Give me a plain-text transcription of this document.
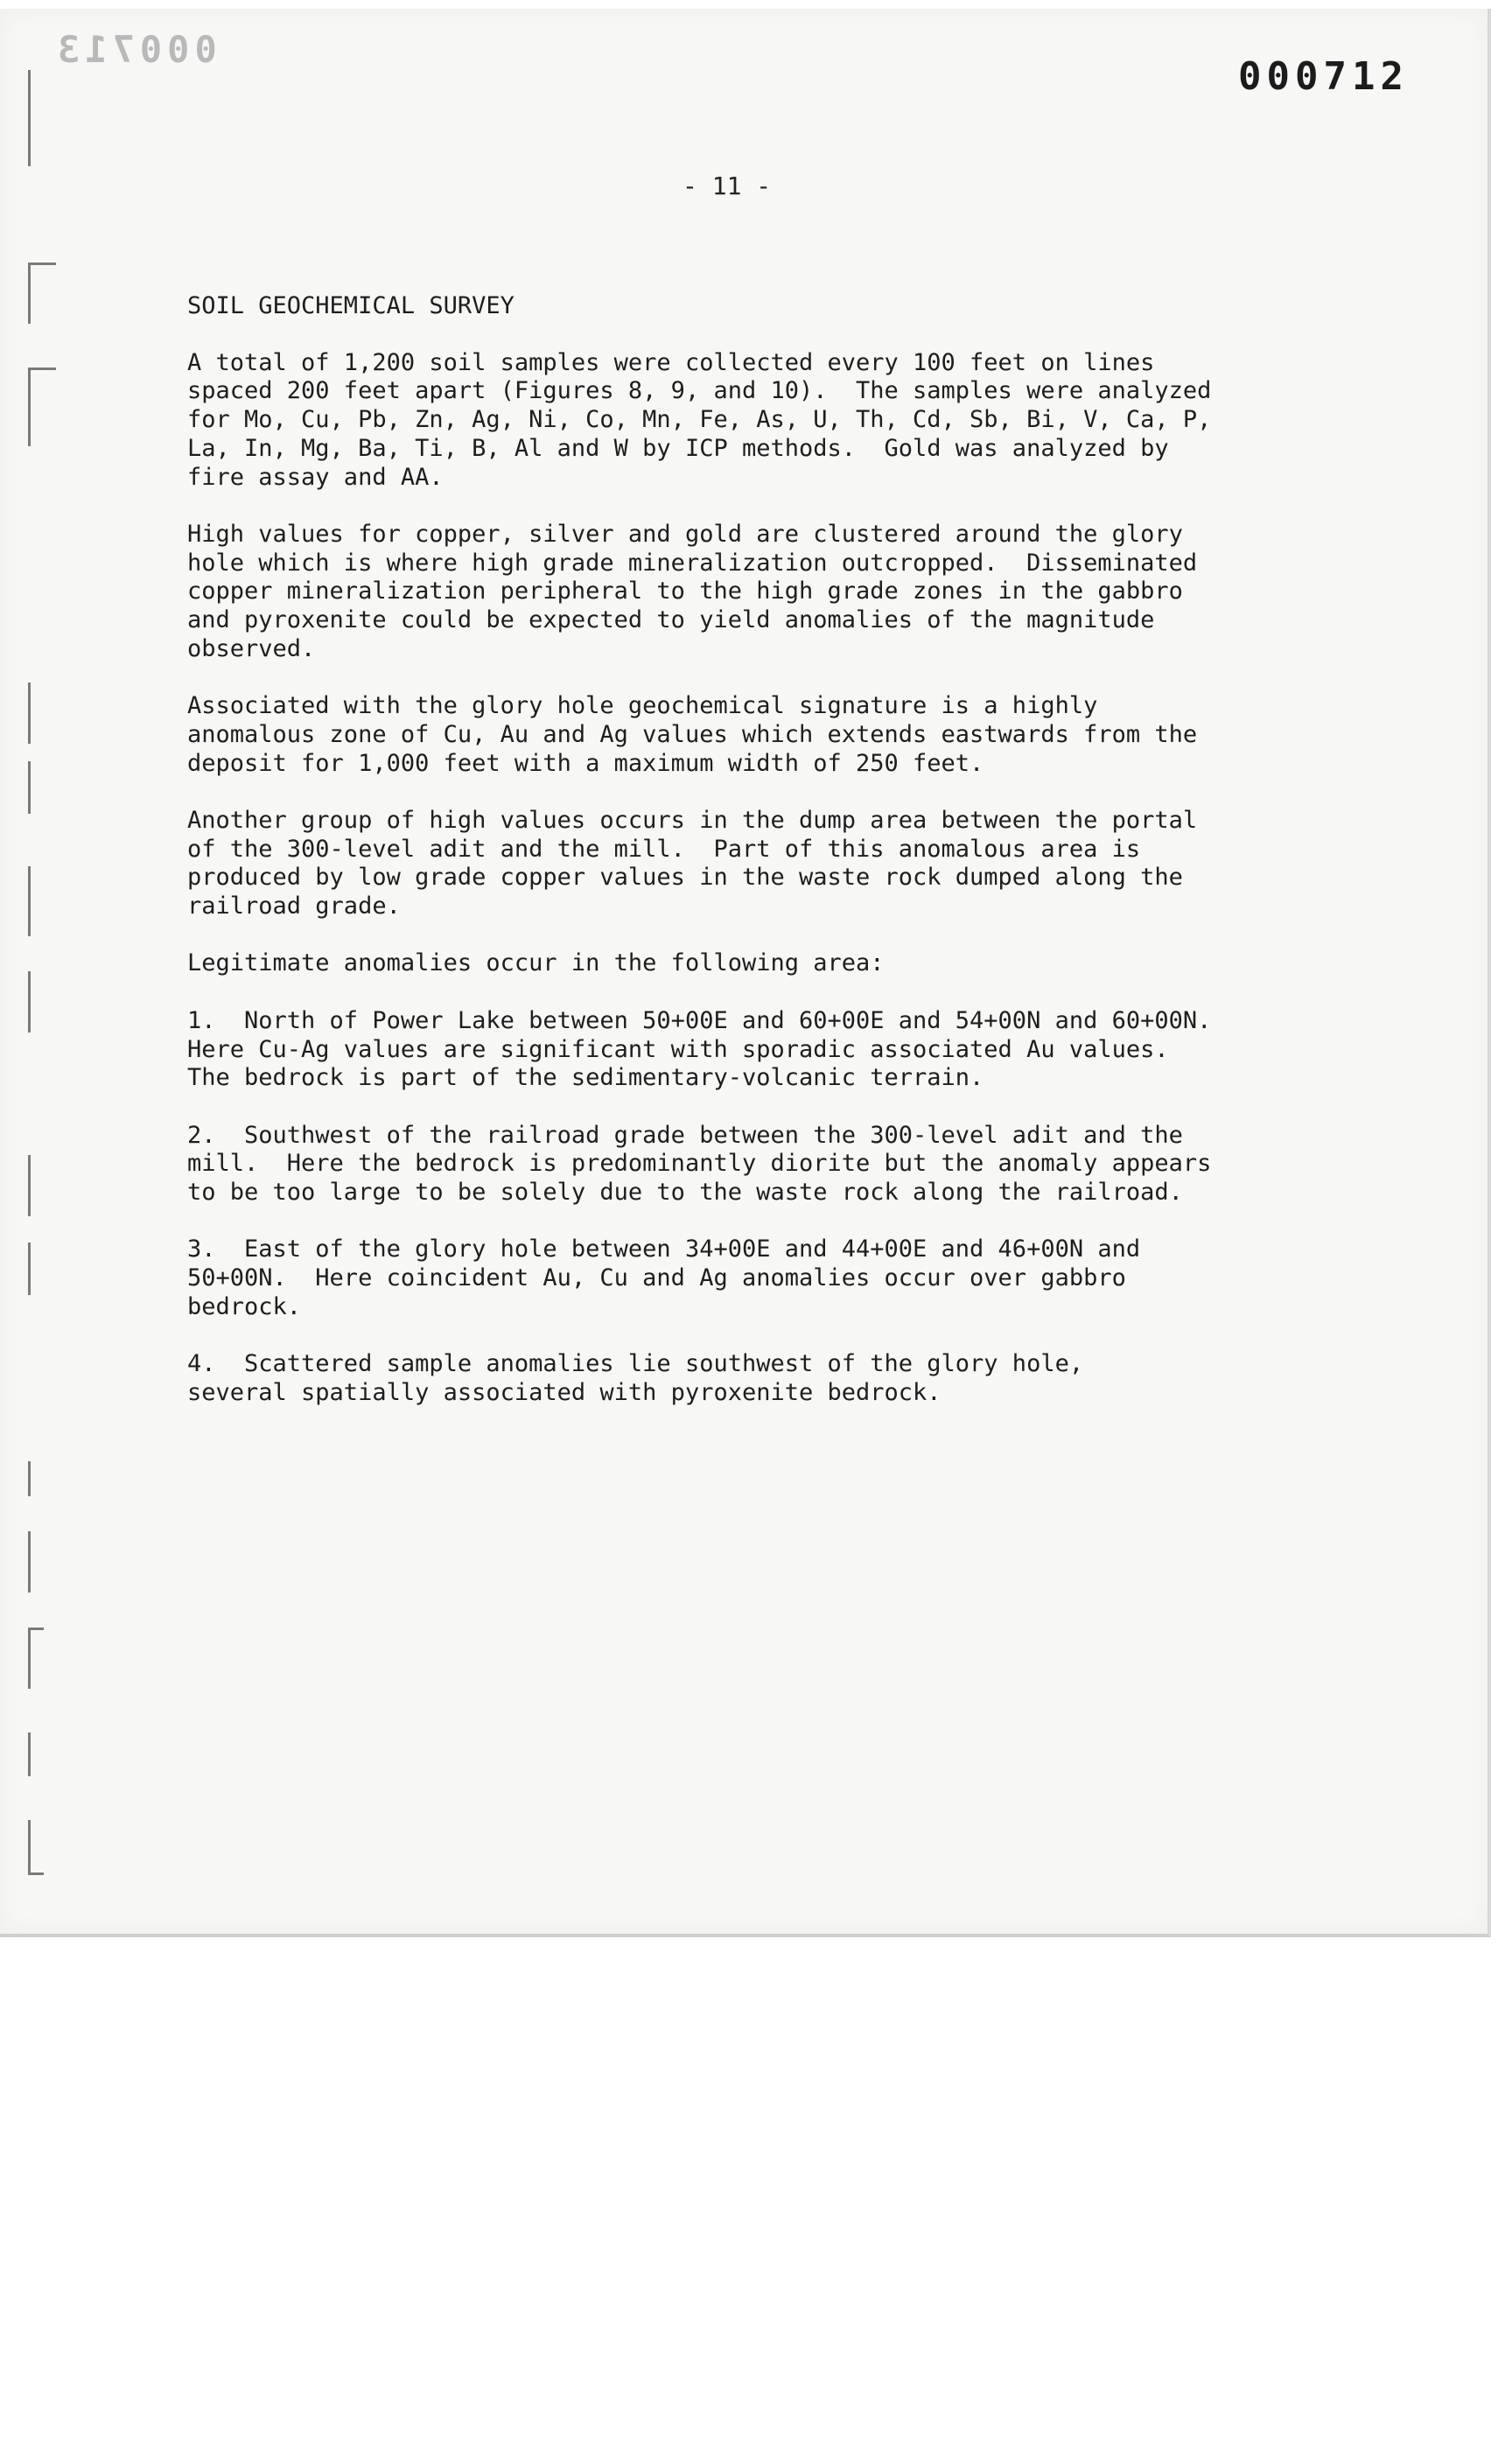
000713
000712
- 11 -
SOIL GEOCHEMICAL SURVEY
A total of 1,200 soil samples were collected every 100 feet on lines
spaced 200 feet apart (Figures 8, 9, and 10).  The samples were analyzed
for Mo, Cu, Pb, Zn, Ag, Ni, Co, Mn, Fe, As, U, Th, Cd, Sb, Bi, V, Ca, P,
La, In, Mg, Ba, Ti, B, Al and W by ICP methods.  Gold was analyzed by
fire assay and AA.
High values for copper, silver and gold are clustered around the glory
hole which is where high grade mineralization outcropped.  Disseminated
copper mineralization peripheral to the high grade zones in the gabbro
and pyroxenite could be expected to yield anomalies of the magnitude
observed.
Associated with the glory hole geochemical signature is a highly
anomalous zone of Cu, Au and Ag values which extends eastwards from the
deposit for 1,000 feet with a maximum width of 250 feet.
Another group of high values occurs in the dump area between the portal
of the 300-level adit and the mill.  Part of this anomalous area is
produced by low grade copper values in the waste rock dumped along the
railroad grade.
Legitimate anomalies occur in the following area:
1.  North of Power Lake between 50+00E and 60+00E and 54+00N and 60+00N.
Here Cu-Ag values are significant with sporadic associated Au values.
The bedrock is part of the sedimentary-volcanic terrain.
2.  Southwest of the railroad grade between the 300-level adit and the
mill.  Here the bedrock is predominantly diorite but the anomaly appears
to be too large to be solely due to the waste rock along the railroad.
3.  East of the glory hole between 34+00E and 44+00E and 46+00N and
50+00N.  Here coincident Au, Cu and Ag anomalies occur over gabbro
bedrock.
4.  Scattered sample anomalies lie southwest of the glory hole,
several spatially associated with pyroxenite bedrock.
